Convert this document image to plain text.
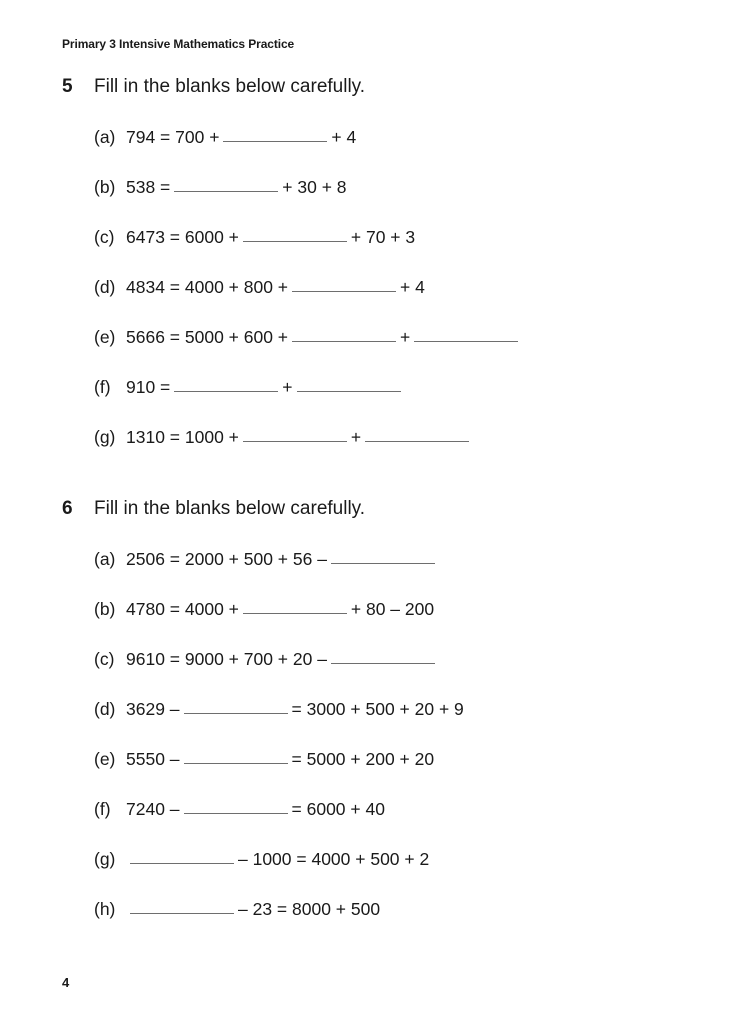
Primary 3 Intensive Mathematics Practice
5 Fill in the blanks below carefully.
(a) 794 = 700 +	+ 4
(b) 538 =	+ 30 + 8
(c) 6473 = 6000 +	+ 70 + 3
(d) 4834 = 4000 + 800 +	+ 4
(e) 5666 = 5000 + 600 +	+
(f) 910 =	+
(g) 1310 = 1000 +	+
6 Fill in the blanks below carefully.
(a) 2506 = 2000 + 500 + 56 –
(b) 4780 = 4000 +	+ 80 – 200
(c) 9610 = 9000 + 700 + 20 –
(d) 3629 –	= 3000 + 500 + 20 + 9
(e) 5550 –	= 5000 + 200 + 20
(f) 7240 –	= 6000 + 40
(g)	– 1000 = 4000 + 500 + 2
(h)	– 23 = 8000 + 500
4
